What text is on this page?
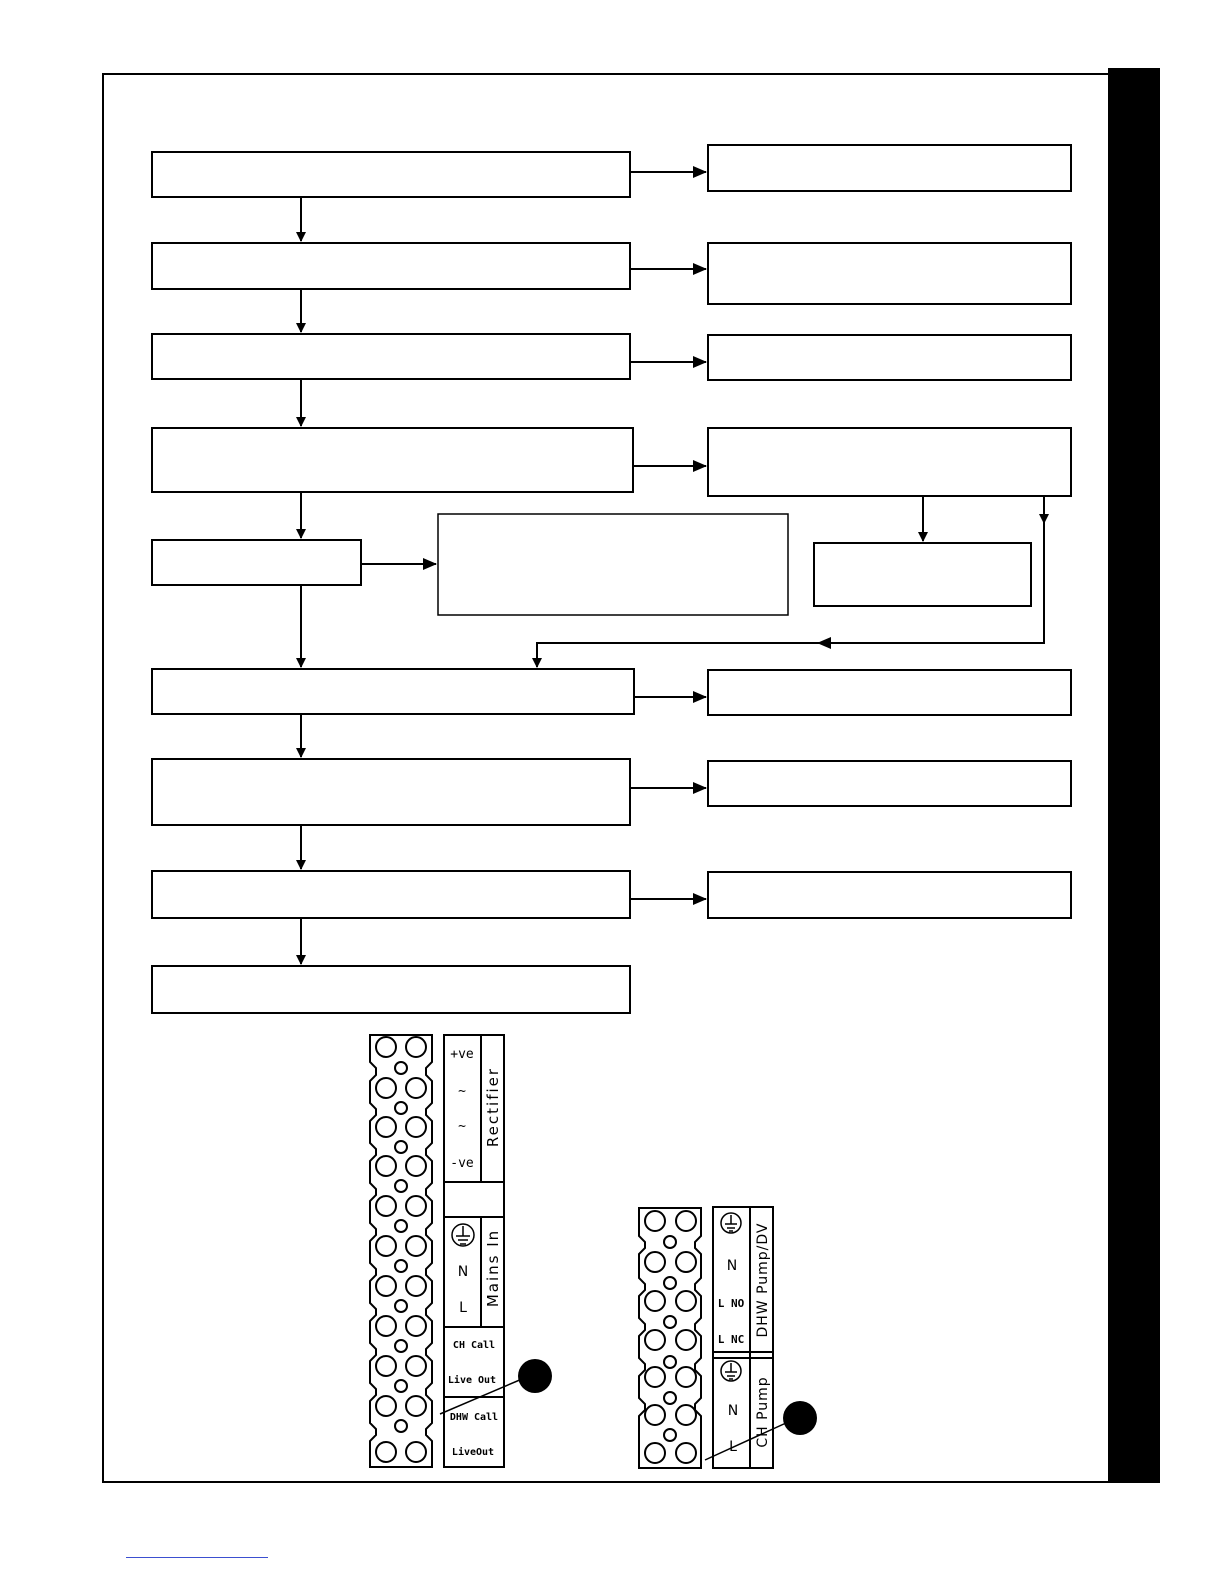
+ve
~
~
-ve
Rectifier
N
L
Mains In
CH Call
Live Out
DHW Call
LiveOut
N
L NO
L NC
DHW Pump/DV
N
L CH Pump
